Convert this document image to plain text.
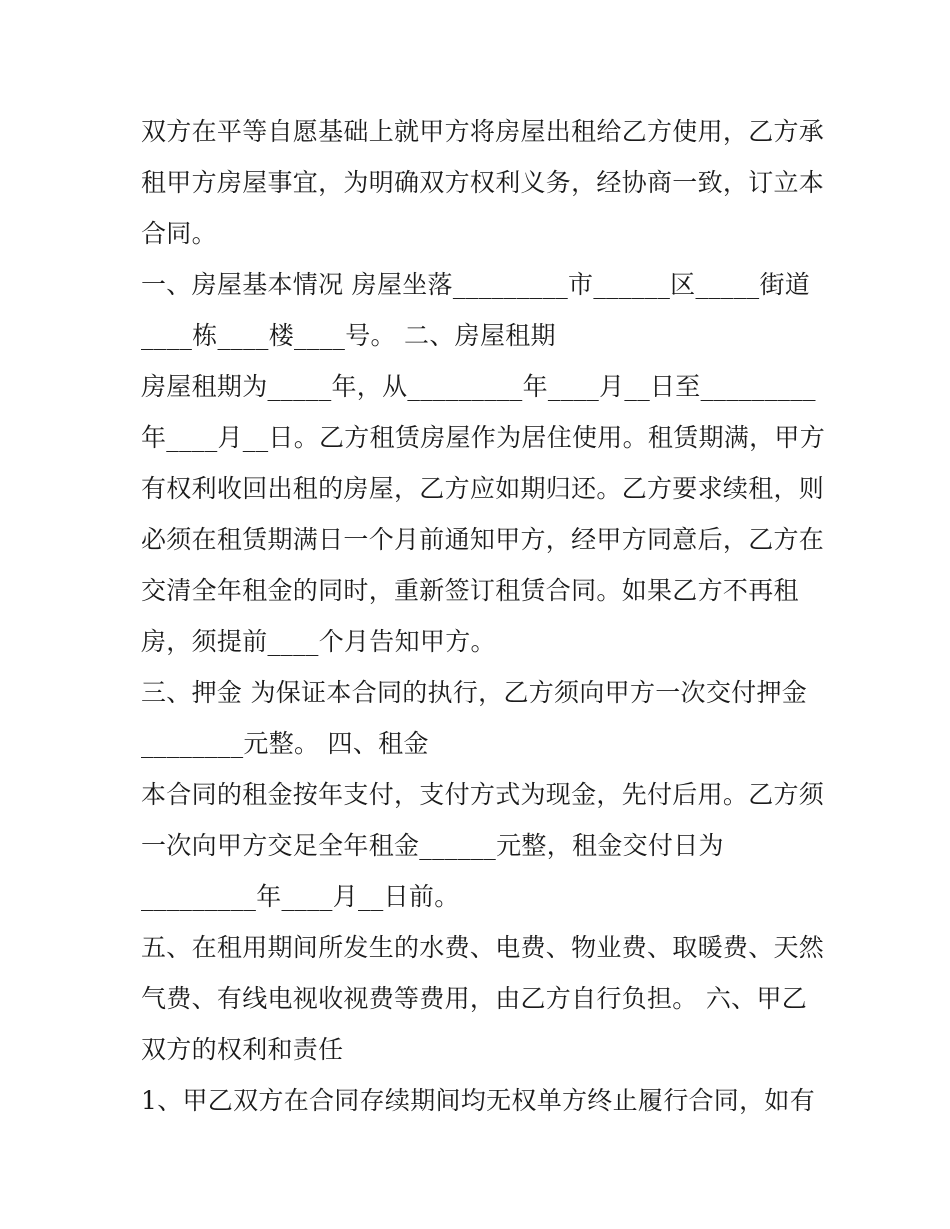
双方在平等自愿基础上就甲方将房屋出租给乙方使用，乙方承
租甲方房屋事宜，为明确双方权利义务，经协商一致，订立本
合同。
一、房屋基本情况 房屋坐落_________市______区_____街道
____栋____楼____号。 二、房屋租期
房屋租期为_____年，从_________年____月__日至_________
年____月__日。乙方租赁房屋作为居住使用。租赁期满，甲方
有权利收回出租的房屋，乙方应如期归还。乙方要求续租，则
必须在租赁期满日一个月前通知甲方，经甲方同意后，乙方在
交清全年租金的同时，重新签订租赁合同。如果乙方不再租
房，须提前____个月告知甲方。
三、押金 为保证本合同的执行，乙方须向甲方一次交付押金
________元整。 四、租金
本合同的租金按年支付，支付方式为现金，先付后用。乙方须
一次向甲方交足全年租金______元整，租金交付日为
_________年____月__日前。
五、在租用期间所发生的水费、电费、物业费、取暖费、天然
气费、有线电视收视费等费用，由乙方自行负担。 六、甲乙
双方的权利和责任
1、甲乙双方在合同存续期间均无权单方终止履行合同，如有
